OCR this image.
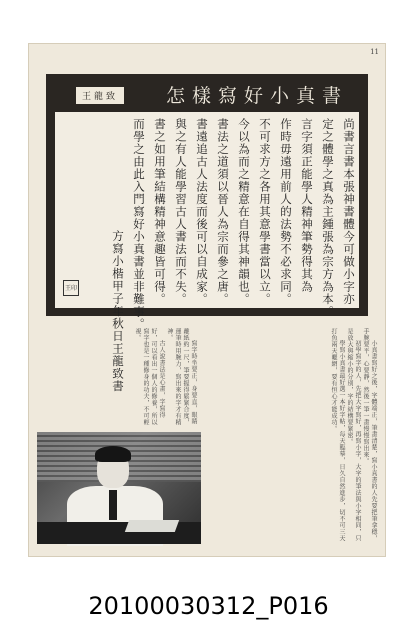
11
怎樣寫好小真書
王龍致
尚書言書本張神書體今可做小字亦
定之體學之真為主鍾張為宗方為本。
言字須正能學人精神筆勢得其為
作時毋遠用前人的法勢不必求同。
不可求方之各用其意學書當以立。
今以為而之精意在自得其神韻也。
書法之道須以晉人為宗而參之唐。
書遠追古人法度而後可以自成家。
與之有人能學習古人書法而不失。
書之如用筆結構精神意趣皆可得。
而學之由此入門寫好小真書並非難事。
方寫小楷甲子年秋日王龍致書
王印

小真書寫好之後，字體端正，筆畫清楚，寫小真書的人先要把筆拿穩，手腕要平，心要靜，然後一筆一畫慢慢寫出來。

初學寫字的人，先把大字寫好，再寫小字，大字的筆法與小字相同，只是放大與縮小的分別，字的結構要緊密。

學寫小真書最好選一本好字帖，每天臨摹，日久自然進步，切不可三天打魚兩天曬網，要有恒心才能成功。

寫字時坐要正，身要直，眼睛離紙約一尺，筆要握得鬆緊合度，運筆時用腕力，寫出來的字才有精神。

古人說書法是心畫，字寫得好，可以看出一個人的修養，所以寫字也是一種修身的功夫，不可輕視。

20100030312_P016
